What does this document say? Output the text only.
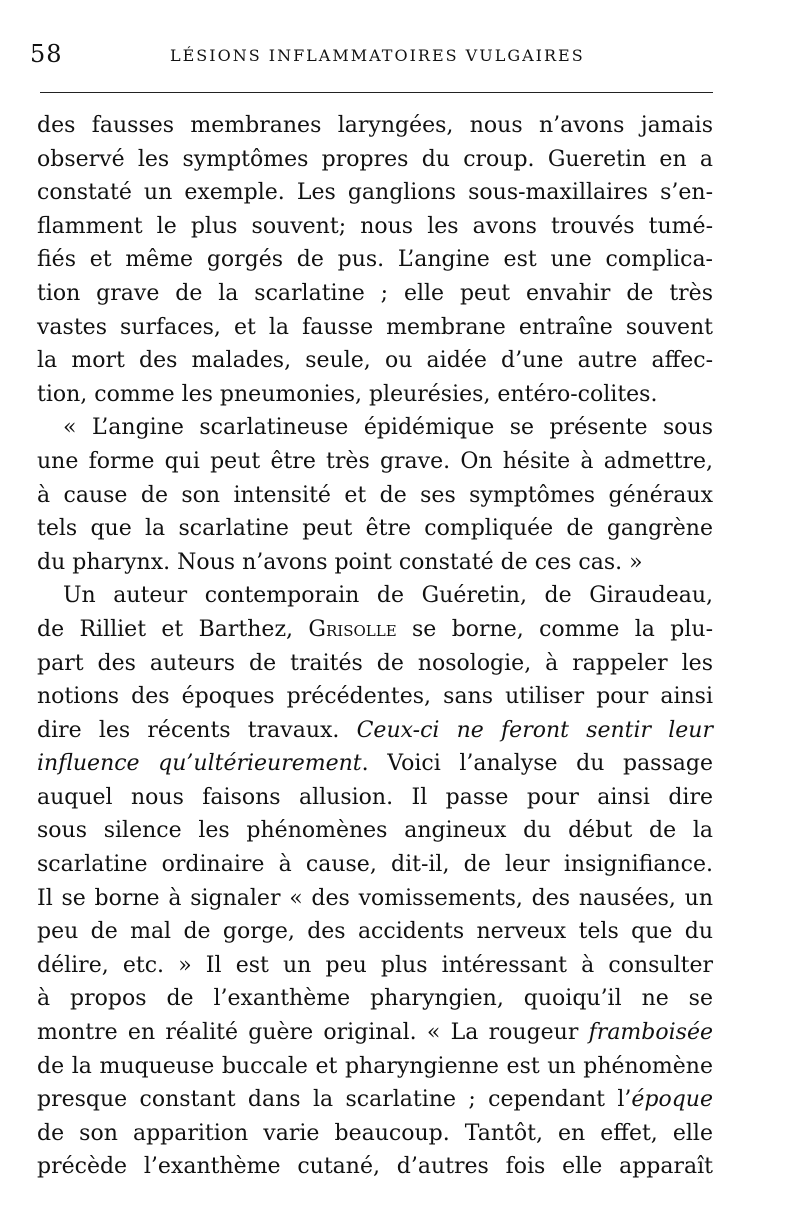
58	LÉSIONS INFLAMMATOIRES VULGAIRES
des fausses membranes laryngées, nous n’avons jamais
observé les symptômes propres du croup. Gueretin en a
constaté un exemple. Les ganglions sous-maxillaires s’en-
flamment le plus souvent; nous les avons trouvés tumé-
fiés et même gorgés de pus. L’angine est une complica-
tion grave de la scarlatine ; elle peut envahir de très
vastes surfaces, et la fausse membrane entraîne souvent
la mort des malades, seule, ou aidée d’une autre affec-
tion, comme les pneumonies, pleurésies, entéro-colites.
« L’angine scarlatineuse épidémique se présente sous
une forme qui peut être très grave. On hésite à admettre,
à cause de son intensité et de ses symptômes généraux
tels que la scarlatine peut être compliquée de gangrène
du pharynx. Nous n’avons point constaté de ces cas. »
Un auteur contemporain de Guéretin, de Giraudeau,
de Rilliet et Barthez, Grisolle se borne, comme la plu-
part des auteurs de traités de nosologie, à rappeler les
notions des époques précédentes, sans utiliser pour ainsi
dire les récents travaux. Ceux-ci ne feront sentir leur
influence qu’ultérieurement. Voici l’analyse du passage
auquel nous faisons allusion. Il passe pour ainsi dire
sous silence les phénomènes angineux du début de la
scarlatine ordinaire à cause, dit-il, de leur insignifiance.
Il se borne à signaler « des vomissements, des nausées, un
peu de mal de gorge, des accidents nerveux tels que du
délire, etc. » Il est un peu plus intéressant à consulter
à propos de l’exanthème pharyngien, quoiqu’il ne se
montre en réalité guère original. « La rougeur framboisée
de la muqueuse buccale et pharyngienne est un phénomène
presque constant dans la scarlatine ; cependant l’époque
de son apparition varie beaucoup. Tantôt, en effet, elle
précède l’exanthème cutané, d’autres fois elle apparaît
